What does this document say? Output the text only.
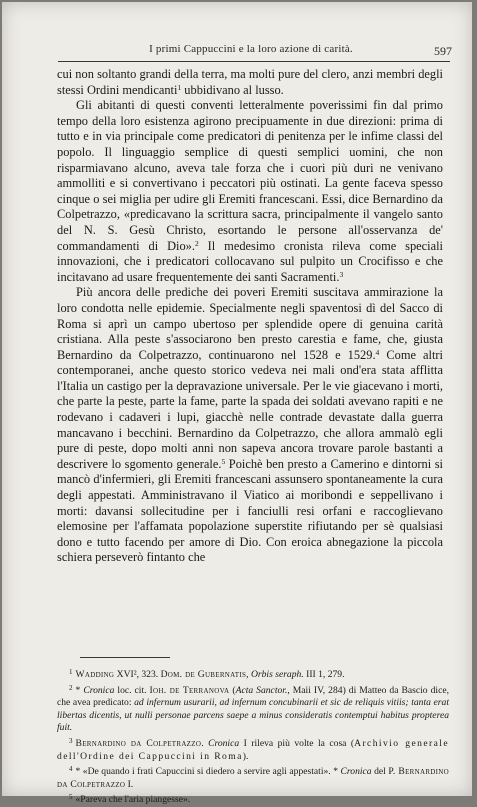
I primi Cappuccini e la loro azione di carità.	597

cui non soltanto grandi della terra, ma molti pure del clero, anzi membri degli stessi Ordini mendicanti$^1$ ubbidivano al lusso.

Gli abitanti di questi conventi letteralmente poverissimi fin dal primo tempo della loro esistenza agirono precipuamente in due direzioni: prima di tutto e in via principale come predicatori di penitenza per le infime classi del popolo. Il linguaggio semplice di questi semplici uomini, che non risparmiavano alcuno, aveva tale forza che i cuori più duri ne venivano ammolliti e si convertivano i peccatori più ostinati. La gente faceva spesso cinque o sei miglia per udire gli Eremiti francescani. Essi, dice Bernardino da Colpetrazzo, «predicavano la scrittura sacra, principalmente il vangelo santo del N. S. Gesù Christo, esortando le persone all'osservanza de' commandamenti di Dio».$^2$ Il medesimo cronista rileva come speciali innovazioni, che i predicatori collocavano sul pulpito un Crocifisso e che incitavano ad usare frequentemente dei santi Sacramenti.$^3$

Più ancora delle prediche dei poveri Eremiti suscitava ammirazione la loro condotta nelle epidemie. Specialmente negli spaventosi dì del Sacco di Roma si aprì un campo ubertoso per splendide opere di genuina carità cristiana. Alla peste s'associarono ben presto carestia e fame, che, giusta Bernardino da Colpetrazzo, continuarono nel 1528 e 1529.$^4$ Come altri contemporanei, anche questo storico vedeva nei mali ond'era stata afflitta l'Italia un castigo per la depravazione universale. Per le vie giacevano i morti, che parte la peste, parte la fame, parte la spada dei soldati avevano rapiti e ne rodevano i cadaveri i lupi, giacchè nelle contrade devastate dalla guerra mancavano i becchini. Bernardino da Colpetrazzo, che allora ammalò egli pure di peste, dopo molti anni non sapeva ancora trovare parole bastanti a descrivere lo sgomento generale.$^5$ Poichè ben presto a Camerino e dintorni si mancò d'infermieri, gli Eremiti francescani assunsero spontaneamente la cura degli appestati. Amministravano il Viatico ai moribondi e seppellivano i morti: davansi sollecitudine per i fanciulli resi orfani e raccoglievano elemosine per l'affamata popolazione superstite rifiutando per sè qualsiasi dono e tutto facendo per amore di Dio. Con eroica abnegazione la piccola schiera perseverò fintanto che

$^1$ Wadding XVI², 323. Dom. de Gubernatis, Orbis seraph. III 1, 279.

$^2$ * Cronica loc. cit. Ioh. de Terranova (Acta Sanctor., Maii IV, 284) di Matteo da Bascio dice, che avea predicato: ad infernum usurarii, ad infernum concubinarii et sic de reliquis vitiis; tanta erat libertas dicentis, ut nulli personae parcens saepe a minus consideratis contemptui habitus propterea fuit.

$^3$ Bernardino da Colpetrazzo. Cronica I rileva più volte la cosa (Archivio generale dell'Ordine dei Cappuccini in Roma).

$^4$ * «De quando i frati Capuccini si diedero a servire agli appestati». * Cronica del P. Bernardino da Colpetrazzo I.

$^5$ «Pareva che l'aria piangesse».
